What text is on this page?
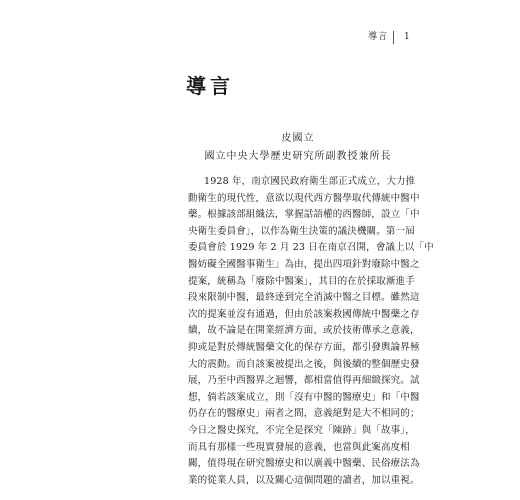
導言 1
導言
皮國立
國立中央大學歷史研究所副教授兼所長
1928 年，南京國民政府衛生部正式成立，大力推
動衛生的現代性，意欲以現代西方醫學取代傳統中醫中
藥。根據該部組織法，掌握話語權的西醫師，設立「中
央衛生委員會」，以作為衛生決策的議決機關。第一屆
委員會於 1929 年 2 月 23 日在南京召開，會議上以「中
醫妨礙全國醫事衛生」為由，提出四項針對廢除中醫之
提案，統稱為「廢除中醫案」，其目的在於採取漸進手
段來限制中醫，最終達到完全消滅中醫之目標。雖然這
次的提案並沒有通過，但由於該案救國傳統中醫藥之存
續，故不論是在開業經濟方面，或於技術傳承之意義，
抑或是對於傳統醫藥文化的保存方面，都引發輿論界極
大的震動。而自該案被提出之後，與後續的整個歷史發
展，乃至中西醫界之迴響，都相當值得再細緻探究。試
想，倘若該案成立，則「沒有中醫的醫療史」和「中醫
仍存在的醫療史」兩者之間，意義絕對是大不相同的；
今日之醫史探究，不完全是探究「陳跡」與「故事」，
而具有那樣一些現實發展的意義，也當與此案高度相
關，值得現在研究醫療史和以廣義中醫藥、民俗療法為
業的從業人員，以及關心這個問題的讀者，加以重視。
